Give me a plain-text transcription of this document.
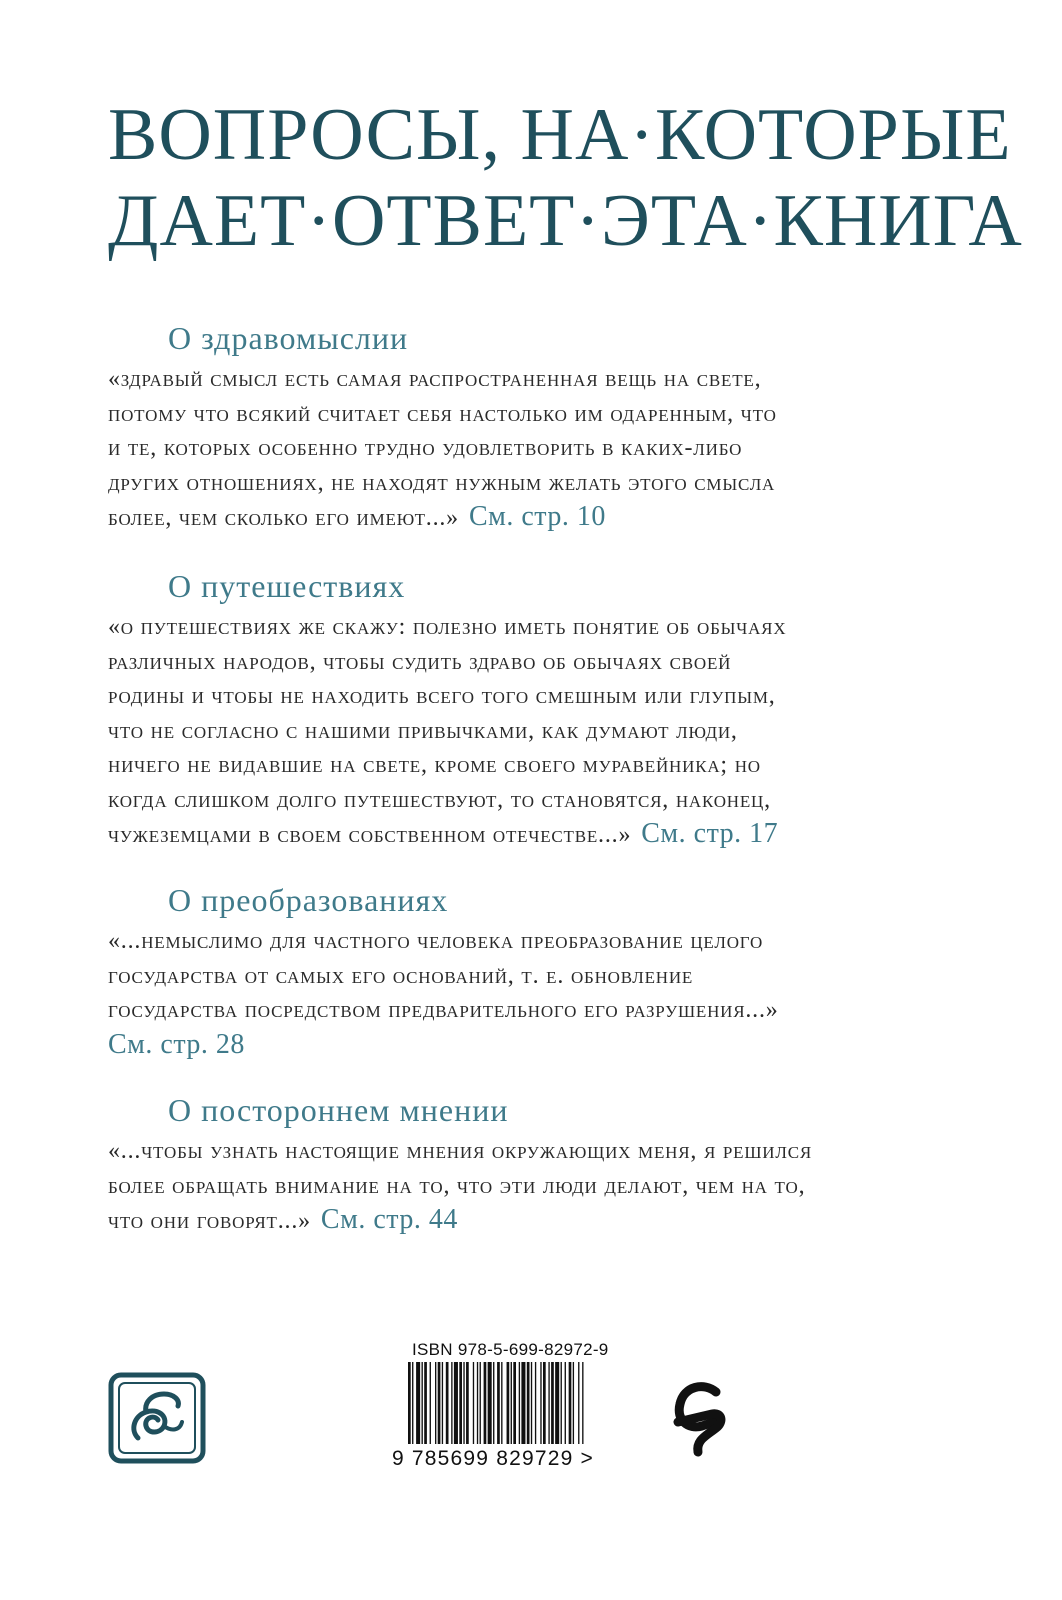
ВОПРОСЫ, НА·КОТОРЫЕ
ДАЕТ·ОТВЕТ·ЭТА·КНИГА
О здравомыслии
«здравый смысл есть самая распространенная вещь на свете,
потому что всякий считает себя настолько им одаренным, что
и те, которых особенно трудно удовлетворить в каких-либо
других отношениях, не находят нужным желать этого смысла
более, чем сколько его имеют...» См. стр. 10
О путешествиях
«о путешествиях же скажу: полезно иметь понятие об обычаях
различных народов, чтобы судить здраво об обычаях своей
родины и чтобы не находить всего того смешным или глупым,
что не согласно с нашими привычками, как думают люди,
ничего не видавшие на свете, кроме своего муравейника; но
когда слишком долго путешествуют, то становятся, наконец,
чужеземцами в своем собственном отечестве...» См. стр. 17
О преобразованиях
«...немыслимо для частного человека преобразование целого
государства от самых его оснований, т. е. обновление
государства посредством предварительного его разрушения...»
См. стр. 28
О постороннем мнении
«...чтобы узнать настоящие мнения окружающих меня, я решился
более обращать внимание на то, что эти люди делают, чем на то,
что они говорят...» См. стр. 44
ISBN 978-5-699-82972-9
9 785699 829729 >
